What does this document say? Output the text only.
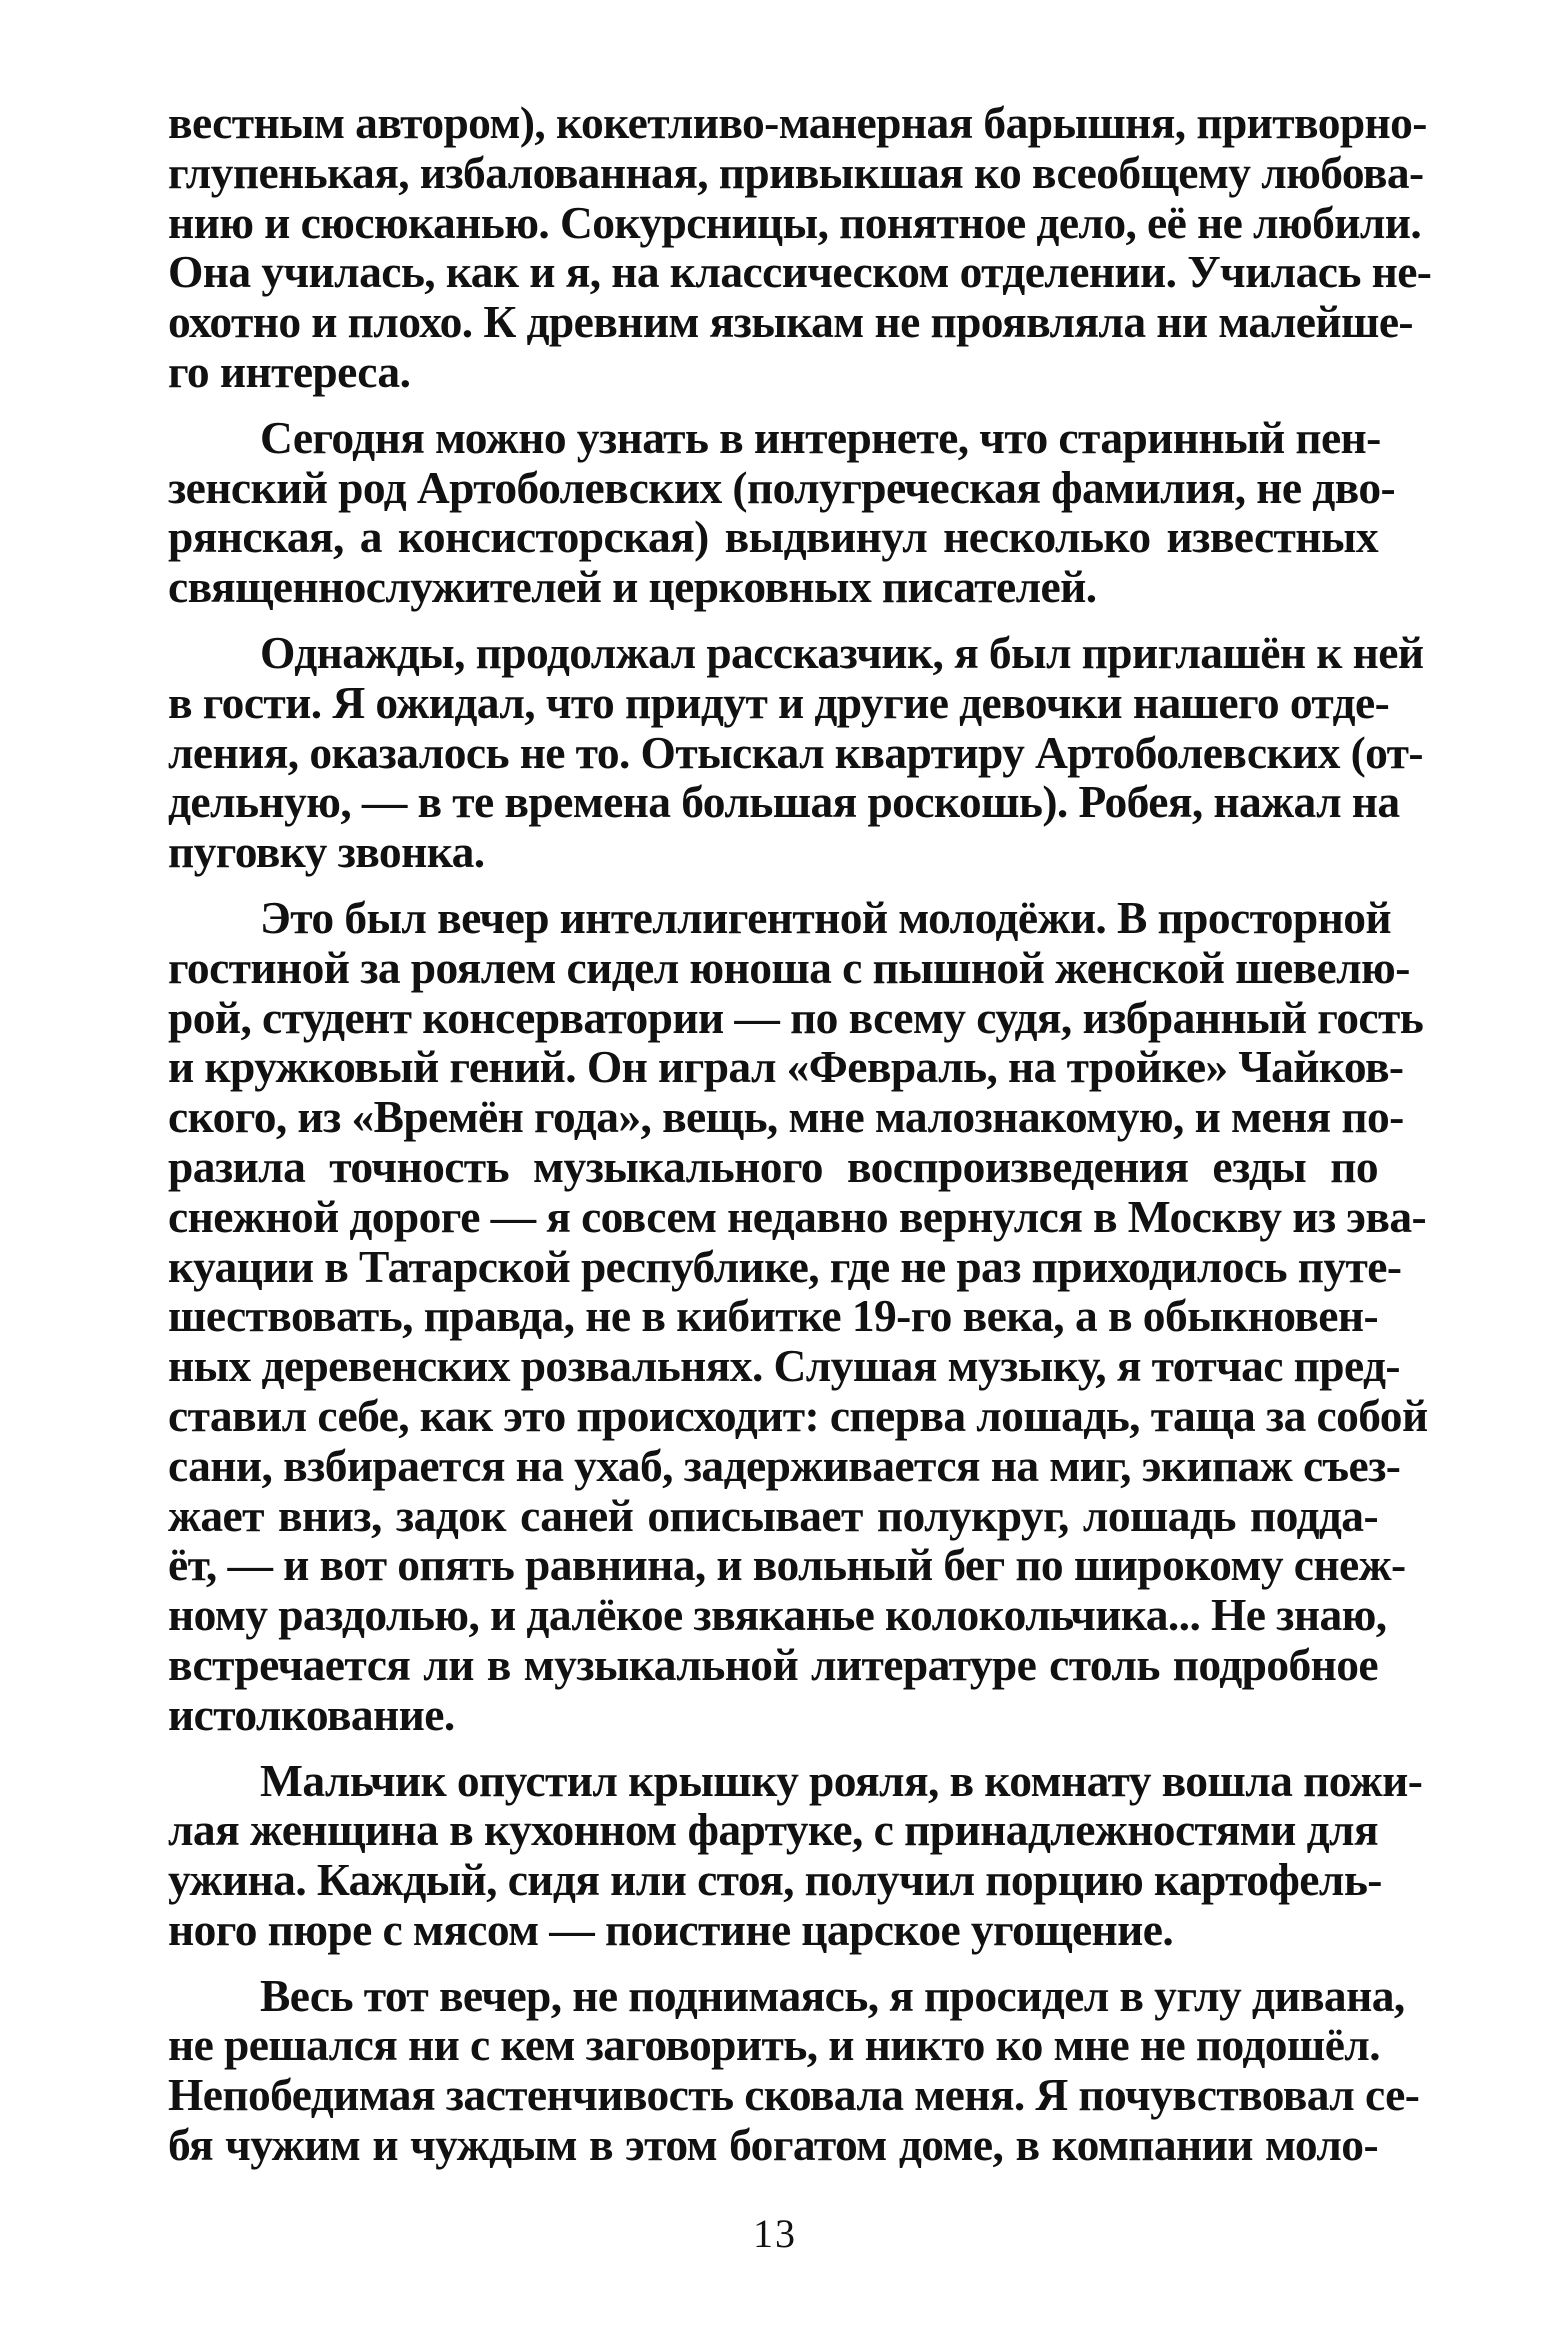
вестным автором), кокетливо-манерная барышня, притворно-
глупенькая, избалованная, привыкшая ко всеобщему любова-
нию и сюсюканью. Сокурсницы, понятное дело, её не любили.
Она училась, как и я, на классическом отделении. Училась не-
охотно и плохо. К древним языкам не проявляла ни малейше-
го интереса.
Сегодня можно узнать в интернете, что старинный пен-
зенский род Артоболевских (полугреческая фамилия, не дво-
рянская, а консисторская) выдвинул несколько известных
священнослужителей и церковных писателей.
Однажды, продолжал рассказчик, я был приглашён к ней
в гости. Я ожидал, что придут и другие девочки нашего отде-
ления, оказалось не то. Отыскал квартиру Артоболевских (от-
дельную, — в те времена большая роскошь). Робея, нажал на
пуговку звонка.
Это был вечер интеллигентной молодёжи. В просторной
гостиной за роялем сидел юноша с пышной женской шевелю-
рой, студент консерватории — по всему судя, избранный гость
и кружковый гений. Он играл «Февраль, на тройке» Чайков-
ского, из «Времён года», вещь, мне малознакомую, и меня по-
разила точность музыкального воспроизведения езды по
снежной дороге — я совсем недавно вернулся в Москву из эва-
куации в Татарской республике, где не раз приходилось путе-
шествовать, правда, не в кибитке 19-го века, а в обыкновен-
ных деревенских розвальнях. Слушая музыку, я тотчас пред-
ставил себе, как это происходит: сперва лошадь, таща за собой
сани, взбирается на ухаб, задерживается на миг, экипаж съез-
жает вниз, задок саней описывает полукруг, лошадь подда-
ёт, — и вот опять равнина, и вольный бег по широкому снеж-
ному раздолью, и далёкое звяканье колокольчика... Не знаю,
встречается ли в музыкальной литературе столь подробное
истолкование.
Мальчик опустил крышку рояля, в комнату вошла пожи-
лая женщина в кухонном фартуке, с принадлежностями для
ужина. Каждый, сидя или стоя, получил порцию картофель-
ного пюре с мясом — поистине царское угощение.
Весь тот вечер, не поднимаясь, я просидел в углу дивана,
не решался ни с кем заговорить, и никто ко мне не подошёл.
Непобедимая застенчивость сковала меня. Я почувствовал се-
бя чужим и чуждым в этом богатом доме, в компании моло-
13
